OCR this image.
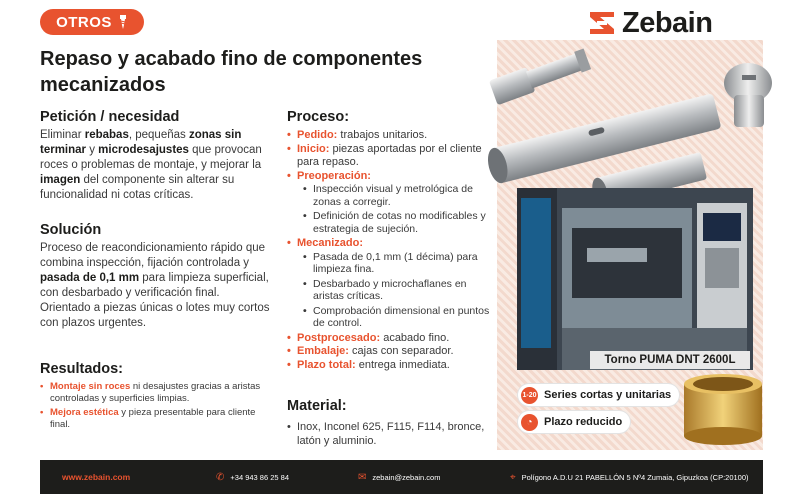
OTROS	Zebain
Repaso y acabado fino de componentes
mecanizados
Petición / necesidad
Eliminar rebabas, pequeñas zonas sin terminar y microdesajustes que provocan roces o problemas de montaje, y mejorar la imagen del componente sin alterar su funcionalidad ni cotas críticas.
Solución
Proceso de reacondicionamiento rápido que combina inspección, fijación controlada y pasada de 0,1 mm para limpieza superficial, con desbarbado y verificación final. Orientado a piezas únicas o lotes muy cortos con plazos urgentes.
Resultados:
• Montaje sin roces ni desajustes gracias a aristas controladas y superficies limpias.
• Mejora estética y pieza presentable para cliente final.
Proceso:
• Pedido: trabajos unitarios.
• Inicio: piezas aportadas por el cliente para repaso.
• Preoperación:
• Inspección visual y metrológica de zonas a corregir.
• Definición de cotas no modificables y estrategia de sujeción.
• Mecanizado:
• Pasada de 0,1 mm (1 décima) para limpieza fina.
• Desbarbado y microchaflanes en aristas críticas.
• Comprobación dimensional en puntos de control.
• Postprocesado: acabado fino.
• Embalaje: cajas con separador.
• Plazo total: entrega inmediata.
Material:
• Inox, Inconel 625, F115, F114, bronce, latón y aluminio.
Torno PUMA DNT 2600L
1-20 Series cortas y unitarias
◔	Plazo reducido
www.zebain.com	✆ +34 943 86 25 84	✉ zebain@zebain.com	⌖ Polígono A.D.U 21 PABELLÓN 5 Nº4 Zumaia, Gipuzkoa (CP:20100)
